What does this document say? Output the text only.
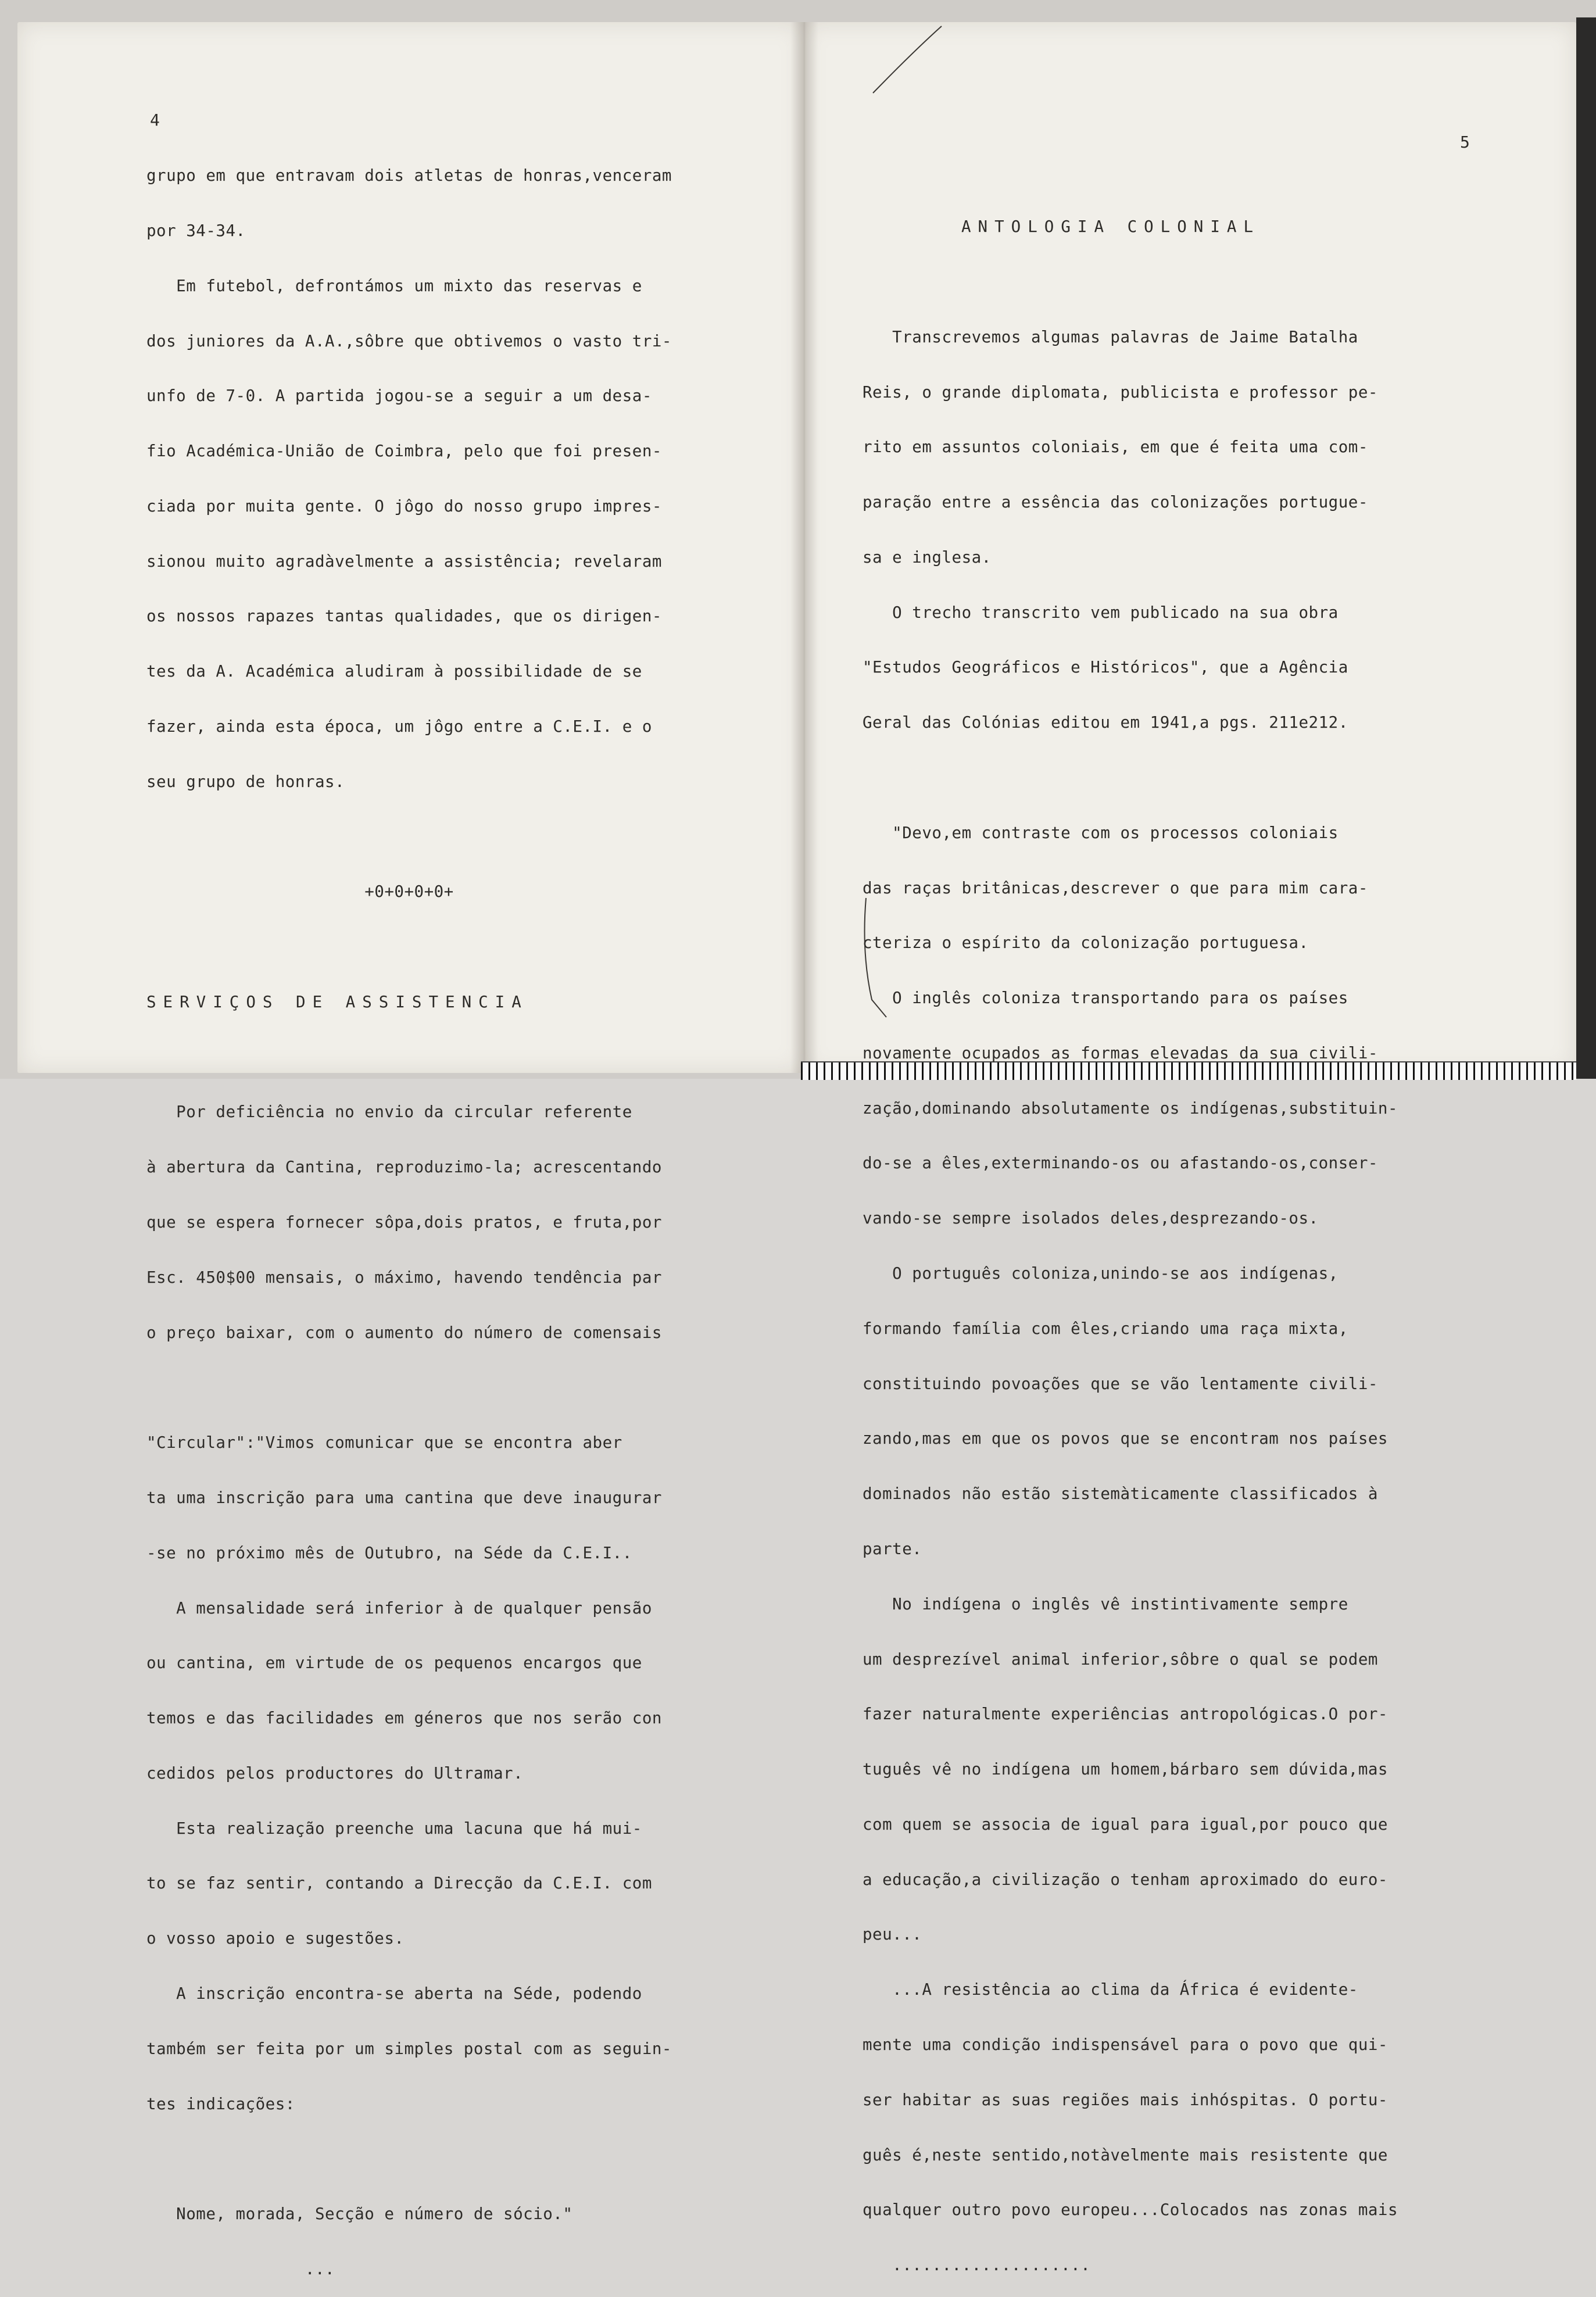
4
5

grupo em que entravam dois atletas de honras,venceram

por 34-34.

Em futebol, defrontámos um mixto das reservas e

dos juniores da A.A.,sôbre que obtivemos o vasto tri-

unfo de 7-0. A partida jogou-se a seguir a um desa-

fio Académica-União de Coimbra, pelo que foi presen-

ciada por muita gente. O jôgo do nosso grupo impres-

sionou muito agradàvelmente a assistência; revelaram

os nossos rapazes tantas qualidades, que os dirigen-

tes da A. Académica aludiram à possibilidade de se

fazer, ainda esta época, um jôgo entre a C.E.I. e o

seu grupo de honras.

+0+0+0+0+

SERVIÇOS DE ASSISTENCIA

Por deficiência no envio da circular referente

à abertura da Cantina, reproduzimo-la; acrescentando

que se espera fornecer sôpa,dois pratos, e fruta,por

Esc. 450$00 mensais, o máximo, havendo tendência par

o preço baixar, com o aumento do número de comensais

"Circular":"Vimos comunicar que se encontra aber

ta uma inscrição para uma cantina que deve inaugurar

-se no próximo mês de Outubro, na Séde da C.E.I..

A mensalidade será inferior à de qualquer pensão

ou cantina, em virtude de os pequenos encargos que

temos e das facilidades em géneros que nos serão con

cedidos pelos productores do Ultramar.

Esta realização preenche uma lacuna que há mui-

to se faz sentir, contando a Direcção da C.E.I. com

o vosso apoio e sugestões.

A inscrição encontra-se aberta na Séde, podendo

também ser feita por um simples postal com as seguin-

tes indicações:

Nome, morada, Secção e número de sócio."

...

ANTOLOGIA COLONIAL

Transcrevemos algumas palavras de Jaime Batalha

Reis, o grande diplomata, publicista e professor pe-

rito em assuntos coloniais, em que é feita uma com-

paração entre a essência das colonizações portugue-

sa e inglesa.

O trecho transcrito vem publicado na sua obra

"Estudos Geográficos e Históricos", que a Agência

Geral das Colónias editou em 1941,a pgs. 211e212.

"Devo,em contraste com os processos coloniais

das raças britânicas,descrever o que para mim cara-

cteriza o espírito da colonização portuguesa.

O inglês coloniza transportando para os países

novamente ocupados as formas elevadas da sua civili-

zação,dominando absolutamente os indígenas,substituin-

do-se a êles,exterminando-os ou afastando-os,conser-

vando-se sempre isolados deles,desprezando-os.

O português coloniza,unindo-se aos indígenas,

formando família com êles,criando uma raça mixta,

constituindo povoações que se vão lentamente civili-

zando,mas em que os povos que se encontram nos países

dominados não estão sistemàticamente classificados à

parte.

No indígena o inglês vê instintivamente sempre

um desprezível animal inferior,sôbre o qual se podem

fazer naturalmente experiências antropológicas.O por-

tuguês vê no indígena um homem,bárbaro sem dúvida,mas

com quem se associa de igual para igual,por pouco que

a educação,a civilização o tenham aproximado do euro-

peu...

...A resistência ao clima da África é evidente-

mente uma condição indispensável para o povo que qui-

ser habitar as suas regiões mais inhóspitas. O portu-

guês é,neste sentido,notàvelmente mais resistente que

qualquer outro povo europeu...Colocados nas zonas mais

....................
